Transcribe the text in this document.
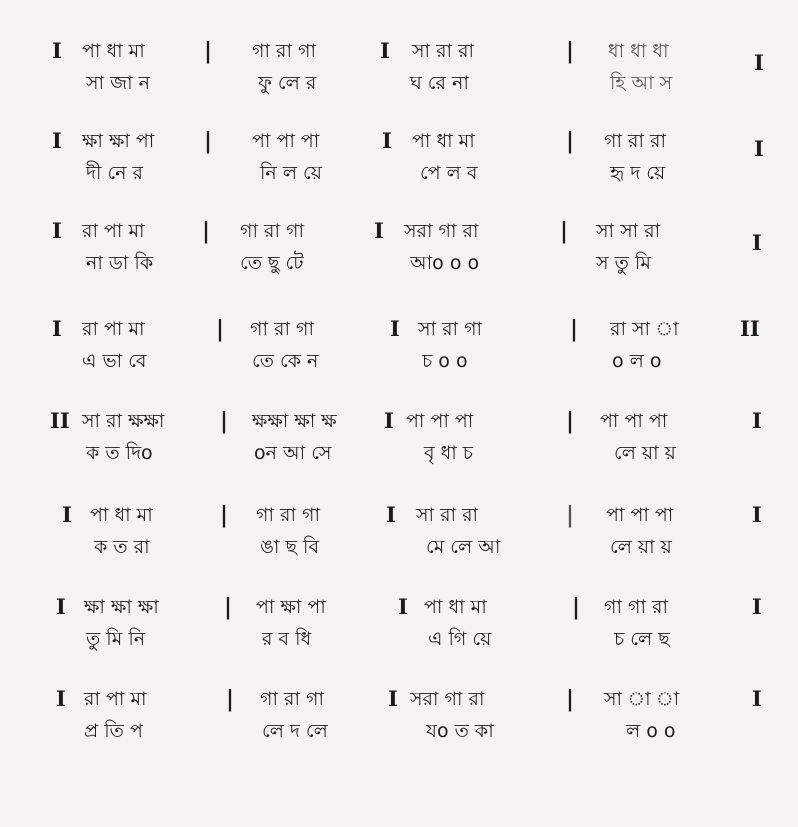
I পা ধা মা	| গা রা গা	I সা রা রা	| ধা ধা ধা	I
সা জা ন	ফু লে র	ঘ রে না	হি আ স
I ক্ষা ক্ষা পা | পা পা পা	I পা ধা মা	| গা রা রা	I
দী নে র	নি ল য়ে	পে ল ব	হৃ দ য়ে
I রা পা মা	| গা রা গা	I সরা গা রা	| সা সা রা	I
না ডা কি	তে ছু টে	আo o o	স তু মি
I রা পা মা	| গা রা গা	I সা রা গা	| রা সা া	II
এ ভা বে	তে কে ন	চ o o	o ল o
II সা রা ক্ষক্ষা	| ক্ষক্ষা ক্ষা ক্ষ I পা পা পা	| পা পা পা	I
ক ত দিo	oন আ সে	বৃ ধা চ	লে য়া য়
I পা ধা মা	| গা রা গা	I সা রা রা	| পা পা পা	I
ক ত রা	ঙা ছ বি	মে লে আ	লে য়া য়
I ক্ষা ক্ষা ক্ষা	| পা ক্ষা পা	I পা ধা মা	| গা গা রা	I
তু মি নি	র ব ধি	এ গি য়ে	চ লে ছ
I রা পা মা	| গা রা গা	I সরা গা রা	| সা া া	I
প্র তি প	লে দ লে	যo ত কা	ল o o
